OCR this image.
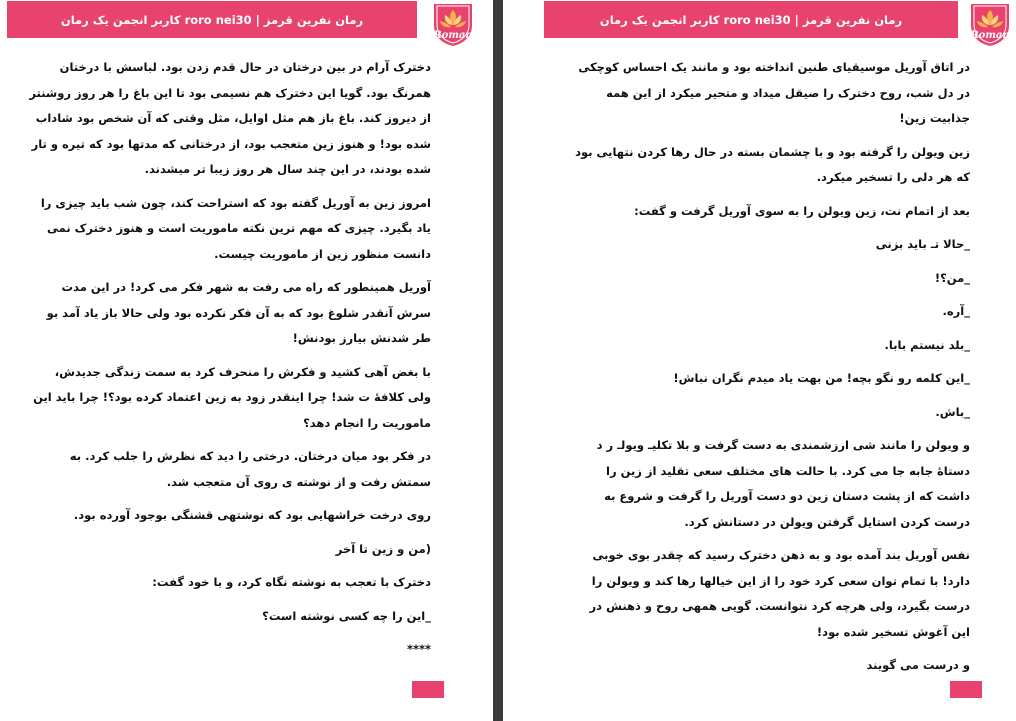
رمان نفرین قرمز | roro nei30 کاربر انجمن یک رمان
Roman

دخترک آرام در بین درختان در حال قدم زدن بود. لباسش با درختان همرنگ بود. گویا این دخترک هم نسیمی بود تا این باغ را هر روز روشنتر از دیروز کند. باغ باز هم مثل اوایل، مثل وقتی که آن شخص بود شاداب شده بود! و هنوز زین متعجب بود، از درختانی که مدتها بود که تیره و تار شده بودند، در این چند سال هر روز زیبا تر میشدند.

امروز زین به آوریل گفته بود که استراحت کند، چون شب باید چیزی را یاد بگیرد. چیزی که مهم ترین نکته ماموریت است و هنوز دخترک نمی دانست منظور زین از ماموریت چیست.

آوریل همینطور که راه می رفت به شهر فکر می کرد! در این مدت سرش آنقدر شلوغ بود که به آن فکر نکرده بود ولی حالا باز یاد آمد بو طر شدنش بیارز بودنش!

با بغض آهی کشید و فکرش را منحرف کرد به سمت زندگی جدیدش، ولی کلافۀ ت شد! چرا اینقدر زود به زین اعتماد کرده بود؟! چرا باید این ماموریت را انجام دهد؟

در فکر بود میان درختان. درختی را دید که نظرش را جلب کرد. به سمتش رفت و از نوشته ی روی آن متعجب شد.

روی درخت خراشهایی بود که نوشتهی قشنگی بوجود آورده بود.

(من و زین تا آخر

دخترک با تعجب به نوشته نگاه کرد، و با خود گفت:

_این را چه کسی نوشته است؟

****

رمان نفرین قرمز | roro nei30 کاربر انجمن یک رمان
Roman

در اتاق آوریل موسیقیای طنین انداخته بود و مانند یک احساس کوچکی در دل شب، روح دخترک را صیقل میداد و متحیر میکرد از این همه جذابیت زین!

زین ویولن را گرفته بود و با چشمان بسته در حال رها کردن نتهایی بود که هر دلی را تسخیر میکرد.

بعد از اتمام نت، زین ویولن را به سوی آوریل گرفت و گفت:

_حالا تـ باید بزنی

_من؟!

_آره.

_بلد نیستم بابا.

_این کلمه رو نگو بچه! من بهت یاد میدم نگران نباش!

_باش.

و ویولن را مانند شی ارزشمندی به دست گرفت و بلا تکلیـ ویولـ ر د دستاۀ جابه جا می کرد. با حالت های مختلف سعی تقلید از زین را داشت که از پشت دستان زین دو دست آوریل را گرفت و شروع به درست کردن استایل گرفتن ویولن در دستانش کرد.

نفس آوریل بند آمده بود و به ذهن دخترک رسید که چقدر بوی خوبی دارد! با تمام توان سعی کرد خود را از این خیالها رها کند و ویولن را درست بگیرد، ولی هرچه کرد نتوانست. گویی همهی روح و ذهنش در این آغوش تسخیر شده بود!

و درست می گویند
